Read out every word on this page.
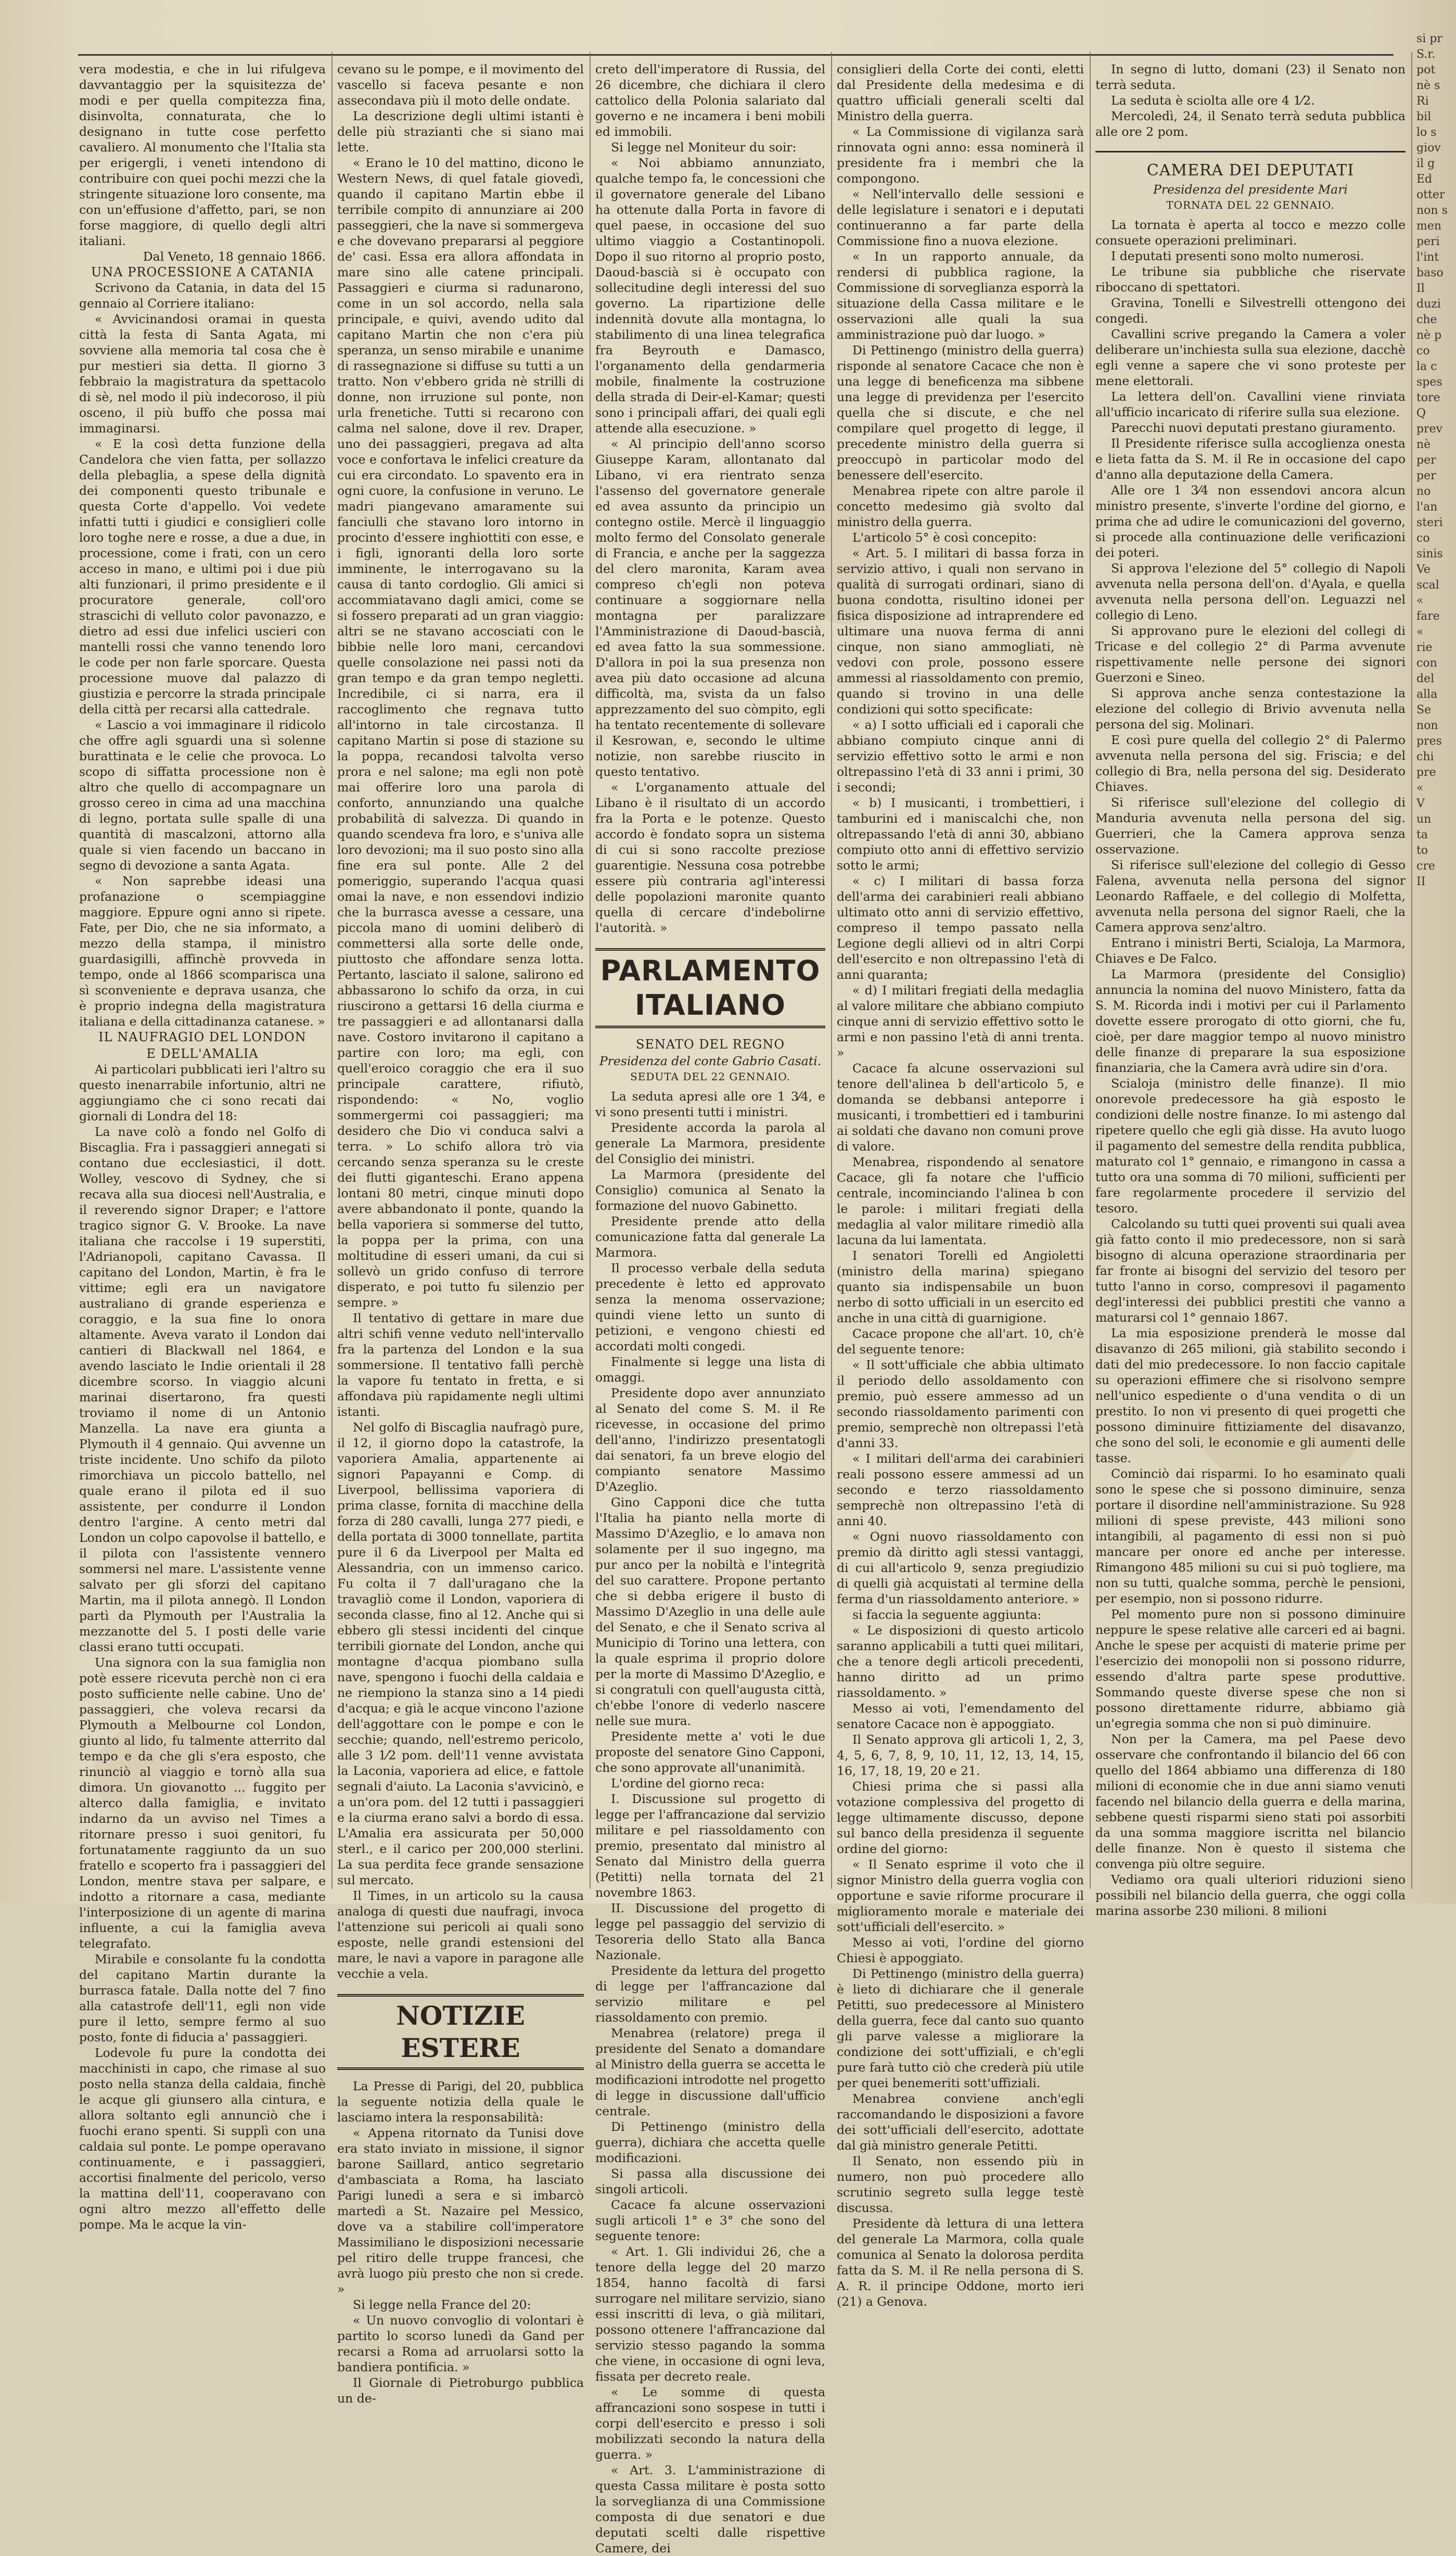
vera modestia, e che in lui rifulgeva davvantaggio per la squisitezza de' modi e per quella compitezza fina, disinvolta, connaturata, che lo designano in tutte cose perfetto cavaliero. Al monumento che l'Italia sta per erigergli, i veneti intendono di contribuire con quei pochi mezzi che la stringente situazione loro consente, ma con un'effusione d'affetto, pari, se non forse maggiore, di quello degli altri italiani.

Dal Veneto, 18 gennaio 1866.

UNA PROCESSIONE A CATANIA

Scrivono da Catania, in data del 15 gennaio al Corriere italiano:

« Avvicinandosi oramai in questa città la festa di Santa Agata, mi sovviene alla memoria tal cosa che è pur mestieri sia detta. Il giorno 3 febbraio la magistratura da spettacolo di sè, nel modo il più indecoroso, il più osceno, il più buffo che possa mai immaginarsi.

« E la così detta funzione della Candelora che vien fatta, per sollazzo della plebaglia, a spese della dignità dei componenti questo tribunale e questa Corte d'appello. Voi vedete infatti tutti i giudici e consiglieri colle loro toghe nere e rosse, a due a due, in processione, come i frati, con un cero acceso in mano, e ultimi poi i due più alti funzionari, il primo presidente e il procuratore generale, coll'oro strascichi di velluto color pavonazzo, e dietro ad essi due infelici uscieri con mantelli rossi che vanno tenendo loro le code per non farle sporcare. Questa processione muove dal palazzo di giustizia e percorre la strada principale della città per recarsi alla cattedrale.

« Lascio a voi immaginare il ridicolo che offre agli sguardi una sì solenne burattinata e le celie che provoca. Lo scopo di siffatta processione non è altro che quello di accompagnare un grosso cereo in cima ad una macchina di legno, portata sulle spalle di una quantità di mascalzoni, attorno alla quale si vien facendo un baccano in segno di devozione a santa Agata.

« Non saprebbe ideasi una profanazione o scempiaggine maggiore. Eppure ogni anno si ripete. Fate, per Dio, che ne sia informato, a mezzo della stampa, il ministro guardasigilli, affinchè provveda in tempo, onde al 1866 scomparisca una sì sconveniente e deprava usanza, che è proprio indegna della magistratura italiana e della cittadinanza catanese. »

IL NAUFRAGIO DEL LONDON

E DELL'AMALIA

Ai particolari pubblicati ieri l'altro su questo inenarrabile infortunio, altri ne aggiungiamo che ci sono recati dai giornali di Londra del 18:

La nave colò a fondo nel Golfo di Biscaglia. Fra i passaggieri annegati si contano due ecclesiastici, il dott. Wolley, vescovo di Sydney, che si recava alla sua diocesi nell'Australia, e il reverendo signor Draper; e l'attore tragico signor G. V. Brooke. La nave italiana che raccolse i 19 superstiti, l'Adrianopoli, capitano Cavassa. Il capitano del London, Martin, è fra le vittime; egli era un navigatore australiano di grande esperienza e coraggio, e la sua fine lo onora altamente. Aveva varato il London dai cantieri di Blackwall nel 1864, e avendo lasciato le Indie orientali il 28 dicembre scorso. In viaggio alcuni marinai disertarono, fra questi troviamo il nome di un Antonio Manzella. La nave era giunta a Plymouth il 4 gennaio. Qui avvenne un triste incidente. Uno schifo da piloto rimorchiava un piccolo battello, nel quale erano il pilota ed il suo assistente, per condurre il London dentro l'argine. A cento metri dal London un colpo capovolse il battello, e il pilota con l'assistente vennero sommersi nel mare. L'assistente venne salvato per gli sforzi del capitano Martin, ma il pilota annegò. Il London partì da Plymouth per l'Australia la mezzanotte del 5. I posti delle varie classi erano tutti occupati.

Una signora con la sua famiglia non potè essere ricevuta perchè non ci era posto sufficiente nelle cabine. Uno de' passaggieri, che voleva recarsi da Plymouth a Melbourne col London, giunto al lido, fu talmente atterrito dal tempo e da che gli s'era esposto, che rinunciò al viaggio e tornò alla sua dimora. Un giovanotto ... fuggito per alterco dalla famiglia, e invitato indarno da un avviso nel Times a ritornare presso i suoi genitori, fu fortunatamente raggiunto da un suo fratello e scoperto fra i passaggieri del London, mentre stava per salpare, e indotto a ritornare a casa, mediante l'interposizione di un agente di marina influente, a cui la famiglia aveva telegrafato.

Mirabile e consolante fu la condotta del capitano Martin durante la burrasca fatale. Dalla notte del 7 fino alla catastrofe dell'11, egli non vide pure il letto, sempre fermo al suo posto, fonte di fiducia a' passaggieri.

Lodevole fu pure la condotta dei macchinisti in capo, che rimase al suo posto nella stanza della caldaia, finchè le acque gli giunsero alla cintura, e allora soltanto egli annunciò che i fuochi erano spenti. Si supplì con una caldaia sul ponte. Le pompe operavano continuamente, e i passaggieri, accortisi finalmente del pericolo, verso la mattina dell'11, cooperavano con ogni altro mezzo all'effetto delle pompe. Ma le acque la vin-

cevano su le pompe, e il movimento del vascello si faceva pesante e non assecondava più il moto delle ondate.

La descrizione degli ultimi istanti è delle più strazianti che si siano mai lette.

« Erano le 10 del mattino, dicono le Western News, di quel fatale giovedì, quando il capitano Martin ebbe il terribile compito di annunziare ai 200 passeggieri, che la nave si sommergeva e che dovevano prepararsi al peggiore de' casi. Essa era allora affondata in mare sino alle catene principali. Passaggieri e ciurma si radunarono, come in un sol accordo, nella sala principale, e quivi, avendo udito dal capitano Martin che non c'era più speranza, un senso mirabile e unanime di rassegnazione si diffuse su tutti a un tratto. Non v'ebbero grida nè strilli di donne, non irruzione sul ponte, non urla frenetiche. Tutti si recarono con calma nel salone, dove il rev. Draper, uno dei passaggieri, pregava ad alta voce e confortava le infelici creature da cui era circondato. Lo spavento era in ogni cuore, la confusione in veruno. Le madri piangevano amaramente sui fanciulli che stavano loro intorno in procinto d'essere inghiottiti con esse, e i figli, ignoranti della loro sorte imminente, le interrogavano su la causa di tanto cordoglio. Gli amici si accommiatavano dagli amici, come se si fossero preparati ad un gran viaggio: altri se ne stavano accosciati con le bibbie nelle loro mani, cercandovi quelle consolazione nei passi noti da gran tempo e da gran tempo negletti. Incredibile, ci si narra, era il raccoglimento che regnava tutto all'intorno in tale circostanza. Il capitano Martin si pose di stazione su la poppa, recandosi talvolta verso prora e nel salone; ma egli non potè mai offerire loro una parola di conforto, annunziando una qualche probabilità di salvezza. Di quando in quando scendeva fra loro, e s'univa alle loro devozioni; ma il suo posto sino alla fine era sul ponte. Alle 2 del pomeriggio, superando l'acqua quasi omai la nave, e non essendovi indizio che la burrasca avesse a cessare, una piccola mano di uomini deliberò di commettersi alla sorte delle onde, piuttosto che affondare senza lotta. Pertanto, lasciato il salone, salirono ed abbassarono lo schifo da orza, in cui riuscirono a gettarsi 16 della ciurma e tre passaggieri e ad allontanarsi dalla nave. Costoro invitarono il capitano a partire con loro; ma egli, con quell'eroico coraggio che era il suo principale carattere, rifiutò, rispondendo: « No, voglio sommergermi coi passaggieri; ma desidero che Dio vi conduca salvi a terra. » Lo schifo allora trò via cercando senza speranza su le creste dei flutti giganteschi. Erano appena lontani 80 metri, cinque minuti dopo avere abbandonato il ponte, quando la bella vaporiera si sommerse del tutto, la poppa per la prima, con una moltitudine di esseri umani, da cui si sollevò un grido confuso di terrore disperato, e poi tutto fu silenzio per sempre. »

Il tentativo di gettare in mare due altri schifi venne veduto nell'intervallo fra la partenza del London e la sua sommersione. Il tentativo fallì perchè la vapore fu tentato in fretta, e si affondava più rapidamente negli ultimi istanti.

Nel golfo di Biscaglia naufragò pure, il 12, il giorno dopo la catastrofe, la vaporiera Amalia, appartenente ai signori Papayanni e Comp. di Liverpool, bellissima vaporiera di prima classe, fornita di macchine della forza di 280 cavalli, lunga 277 piedi, e della portata di 3000 tonnellate, partita pure il 6 da Liverpool per Malta ed Alessandria, con un immenso carico. Fu colta il 7 dall'uragano che la travagliò come il London, vaporiera di seconda classe, fino al 12. Anche qui si ebbero gli stessi incidenti del cinque terribili giornate del London, anche qui montagne d'acqua piombano sulla nave, spengono i fuochi della caldaia e ne riempiono la stanza sino a 14 piedi d'acqua; e già le acque vincono l'azione dell'aggottare con le pompe e con le secchie; quando, nell'estremo pericolo, alle 3 1⁄2 pom. dell'11 venne avvistata la Laconia, vaporiera ad elice, e fattole segnali d'aiuto. La Laconia s'avvicinò, e a un'ora pom. del 12 tutti i passaggieri e la ciurma erano salvi a bordo di essa. L'Amalia era assicurata per 50,000 sterl., e il carico per 200,000 sterlini. La sua perdita fece grande sensazione sul mercato.

Il Times, in un articolo su la causa analoga di questi due naufragi, invoca l'attenzione sui pericoli ai quali sono esposte, nelle grandi estensioni del mare, le navi a vapore in paragone alle vecchie a vela.

NOTIZIE ESTERE

La Presse di Parigi, del 20, pubblica la seguente notizia della quale le lasciamo intera la responsabilità:

« Appena ritornato da Tunisi dove era stato inviato in missione, il signor barone Saillard, antico segretario d'ambasciata a Roma, ha lasciato Parigi lunedì a sera e si imbarcò martedì a St. Nazaire pel Messico, dove va a stabilire coll'imperatore Massimiliano le disposizioni necessarie pel ritiro delle truppe francesi, che avrà luogo più presto che non si crede. »

Si legge nella France del 20:

« Un nuovo convoglio di volontari è partito lo scorso lunedì da Gand per recarsi a Roma ad arruolarsi sotto la bandiera pontificia. »

Il Giornale di Pietroburgo pubblica un de-

creto dell'imperatore di Russia, del 26 dicembre, che dichiara il clero cattolico della Polonia salariato dal governo e ne incamera i beni mobili ed immobili.

Si legge nel Moniteur du soir:

« Noi abbiamo annunziato, qualche tempo fa, le concessioni che il governatore generale del Libano ha ottenute dalla Porta in favore di quel paese, in occasione del suo ultimo viaggio a Costantinopoli. Dopo il suo ritorno al proprio posto, Daoud-bascià si è occupato con sollecitudine degli interessi del suo governo. La ripartizione delle indennità dovute alla montagna, lo stabilimento di una linea telegrafica fra Beyrouth e Damasco, l'organamento della gendarmeria mobile, finalmente la costruzione della strada di Deir-el-Kamar; questi sono i principali affari, dei quali egli attende alla esecuzione. »

« Al principio dell'anno scorso Giuseppe Karam, allontanato dal Libano, vi era rientrato senza l'assenso del governatore generale ed avea assunto da principio un contegno ostile. Mercè il linguaggio molto fermo del Consolato generale di Francia, e anche per la saggezza del clero maronita, Karam avea compreso ch'egli non poteva continuare a soggiornare nella montagna per paralizzare l'Amministrazione di Daoud-bascià, ed avea fatto la sua sommessione. D'allora in poi la sua presenza non avea più dato occasione ad alcuna difficoltà, ma, svista da un falso apprezzamento del suo còmpito, egli ha tentato recentemente di sollevare il Kesrowan, e, secondo le ultime notizie, non sarebbe riuscito in questo tentativo.

« L'organamento attuale del Libano è il risultato di un accordo fra la Porta e le potenze. Questo accordo è fondato sopra un sistema di cui si sono raccolte preziose guarentigie. Nessuna cosa potrebbe essere più contraria agl'interessi delle popolazioni maronite quanto quella di cercare d'indebolirne l'autorità. »

PARLAMENTO ITALIANO

SENATO DEL REGNO

Presidenza del conte Gabrio Casati.

SEDUTA DEL 22 GENNAIO.

La seduta apresi alle ore 1 3⁄4, e vi sono presenti tutti i ministri.

Presidente accorda la parola al generale La Marmora, presidente del Consiglio dei ministri.

La Marmora (presidente del Consiglio) comunica al Senato la formazione del nuovo Gabinetto.

Presidente prende atto della comunicazione fatta dal generale La Marmora.

Il processo verbale della seduta precedente è letto ed approvato senza la menoma osservazione; quindi viene letto un sunto di petizioni, e vengono chiesti ed accordati molti congedi.

Finalmente si legge una lista di omaggi.

Presidente dopo aver annunziato al Senato del come S. M. il Re ricevesse, in occasione del primo dell'anno, l'indirizzo presentatogli dai senatori, fa un breve elogio del compianto senatore Massimo D'Azeglio.

Gino Capponi dice che tutta l'Italia ha pianto nella morte di Massimo D'Azeglio, e lo amava non solamente per il suo ingegno, ma pur anco per la nobiltà e l'integrità del suo carattere. Propone pertanto che si debba erigere il busto di Massimo D'Azeglio in una delle aule del Senato, e che il Senato scriva al Municipio di Torino una lettera, con la quale esprima il proprio dolore per la morte di Massimo D'Azeglio, e si congratuli con quell'augusta città, ch'ebbe l'onore di vederlo nascere nelle sue mura.

Presidente mette a' voti le due proposte del senatore Gino Capponi, che sono approvate all'unanimità.

L'ordine del giorno reca:

I. Discussione sul progetto di legge per l'affrancazione dal servizio militare e pel riassoldamento con premio, presentato dal ministro al Senato dal Ministro della guerra (Petitti) nella tornata del 21 novembre 1863.

II. Discussione del progetto di legge pel passaggio del servizio di Tesoreria dello Stato alla Banca Nazionale.

Presidente da lettura del progetto di legge per l'affrancazione dal servizio militare e pel riassoldamento con premio.

Menabrea (relatore) prega il presidente del Senato a domandare al Ministro della guerra se accetta le modificazioni introdotte nel progetto di legge in discussione dall'ufficio centrale.

Di Pettinengo (ministro della guerra), dichiara che accetta quelle modificazioni.

Si passa alla discussione dei singoli articoli.

Cacace fa alcune osservazioni sugli articoli 1° e 3° che sono del seguente tenore:

« Art. 1. Gli individui 26, che a tenore della legge del 20 marzo 1854, hanno facoltà di farsi surrogare nel militare servizio, siano essi inscritti di leva, o già militari, possono ottenere l'affrancazione dal servizio stesso pagando la somma che viene, in occasione di ogni leva, fissata per decreto reale.

« Le somme di questa affrancazioni sono sospese in tutti i corpi dell'esercito e presso i soli mobilizzati secondo la natura della guerra. »

« Art. 3. L'amministrazione di questa Cassa militare è posta sotto la sorveglianza di una Commissione composta di due senatori e due deputati scelti dalle rispettive Camere, dei

consiglieri della Corte dei conti, eletti dal Presidente della medesima e di quattro ufficiali generali scelti dal Ministro della guerra.

« La Commissione di vigilanza sarà rinnovata ogni anno: essa nominerà il presidente fra i membri che la compongono.

« Nell'intervallo delle sessioni e delle legislature i senatori e i deputati continueranno a far parte della Commissione fino a nuova elezione.

« In un rapporto annuale, da rendersi di pubblica ragione, la Commissione di sorveglianza esporrà la situazione della Cassa militare e le osservazioni alle quali la sua amministrazione può dar luogo. »

Di Pettinengo (ministro della guerra) risponde al senatore Cacace che non è una legge di beneficenza ma sibbene una legge di previdenza per l'esercito quella che si discute, e che nel compilare quel progetto di legge, il precedente ministro della guerra si preoccupò in particolar modo del benessere dell'esercito.

Menabrea ripete con altre parole il concetto medesimo già svolto dal ministro della guerra.

L'articolo 5° è così concepito:

« Art. 5. I militari di bassa forza in servizio attivo, i quali non servano in qualità di surrogati ordinari, siano di buona condotta, risultino idonei per fisica disposizione ad intraprendere ed ultimare una nuova ferma di anni cinque, non siano ammogliati, nè vedovi con prole, possono essere ammessi al riassoldamento con premio, quando si trovino in una delle condizioni qui sotto specificate:

« a) I sotto ufficiali ed i caporali che abbiano compiuto cinque anni di servizio effettivo sotto le armi e non oltrepassino l'età di 33 anni i primi, 30 i secondi;

« b) I musicanti, i trombettieri, i tamburini ed i maniscalchi che, non oltrepassando l'età di anni 30, abbiano compiuto otto anni di effettivo servizio sotto le armi;

« c) I militari di bassa forza dell'arma dei carabinieri reali abbiano ultimato otto anni di servizio effettivo, compreso il tempo passato nella Legione degli allievi od in altri Corpi dell'esercito e non oltrepassino l'età di anni quaranta;

« d) I militari fregiati della medaglia al valore militare che abbiano compiuto cinque anni di servizio effettivo sotto le armi e non passino l'età di anni trenta. »

Cacace fa alcune osservazioni sul tenore dell'alinea b dell'articolo 5, e domanda se debbansi anteporre i musicanti, i trombettieri ed i tamburini ai soldati che davano non comuni prove di valore.

Menabrea, rispondendo al senatore Cacace, gli fa notare che l'ufficio centrale, incominciando l'alinea b con le parole: i militari fregiati della medaglia al valor militare rimediò alla lacuna da lui lamentata.

I senatori Torelli ed Angioletti (ministro della marina) spiegano quanto sia indispensabile un buon nerbo di sotto ufficiali in un esercito ed anche in una città di guarnigione.

Cacace propone che all'art. 10, ch'è del seguente tenore:

« Il sott'ufficiale che abbia ultimato il periodo dello assoldamento con premio, può essere ammesso ad un secondo riassoldamento parimenti con premio, semprechè non oltrepassi l'età d'anni 33.

« I militari dell'arma dei carabinieri reali possono essere ammessi ad un secondo e terzo riassoldamento semprechè non oltrepassino l'età di anni 40.

« Ogni nuovo riassoldamento con premio dà diritto agli stessi vantaggi, di cui all'articolo 9, senza pregiudizio di quelli già acquistati al termine della ferma d'un riassoldamento anteriore. »

si faccia la seguente aggiunta:

« Le disposizioni di questo articolo saranno applicabili a tutti quei militari, che a tenore degli articoli precedenti, hanno diritto ad un primo riassoldamento. »

Messo ai voti, l'emendamento del senatore Cacace non è appoggiato.

Il Senato approva gli articoli 1, 2, 3, 4, 5, 6, 7, 8, 9, 10, 11, 12, 13, 14, 15, 16, 17, 18, 19, 20 e 21.

Chiesi prima che si passi alla votazione complessiva del progetto di legge ultimamente discusso, depone sul banco della presidenza il seguente ordine del giorno:

« Il Senato esprime il voto che il signor Ministro della guerra voglia con opportune e savie riforme procurare il miglioramento morale e materiale dei sott'ufficiali dell'esercito. »

Messo ai voti, l'ordine del giorno Chiesi è appoggiato.

Di Pettinengo (ministro della guerra) è lieto di dichiarare che il generale Petitti, suo predecessore al Ministero della guerra, fece dal canto suo quanto gli parve valesse a migliorare la condizione dei sott'uffiziali, e ch'egli pure farà tutto ciò che crederà più utile per quei benemeriti sott'uffiziali.

Menabrea conviene anch'egli raccomandando le disposizioni a favore dei sott'ufficiali dell'esercito, adottate dal già ministro generale Petitti.

Il Senato, non essendo più in numero, non può procedere allo scrutinio segreto sulla legge testè discussa.

Presidente dà lettura di una lettera del generale La Marmora, colla quale comunica al Senato la dolorosa perdita fatta da S. M. il Re nella persona di S. A. R. il principe Oddone, morto ieri (21) a Genova.

In segno di lutto, domani (23) il Senato non terrà seduta.

La seduta è sciolta alle ore 4 1⁄2.

Mercoledì, 24, il Senato terrà seduta pubblica alle ore 2 pom.

CAMERA DEI DEPUTATI

Presidenza del presidente Mari

TORNATA DEL 22 GENNAIO.

La tornata è aperta al tocco e mezzo colle consuete operazioni preliminari.

I deputati presenti sono molto numerosi.

Le tribune sia pubbliche che riservate riboccano di spettatori.

Gravina, Tonelli e Silvestrelli ottengono dei congedi.

Cavallini scrive pregando la Camera a voler deliberare un'inchiesta sulla sua elezione, dacchè egli venne a sapere che vi sono proteste per mene elettorali.

La lettera dell'on. Cavallini viene rinviata all'ufficio incaricato di riferire sulla sua elezione.

Parecchi nuovi deputati prestano giuramento.

Il Presidente riferisce sulla accoglienza onesta e lieta fatta da S. M. il Re in occasione del capo d'anno alla deputazione della Camera.

Alle ore 1 3⁄4 non essendovi ancora alcun ministro presente, s'inverte l'ordine del giorno, e prima che ad udire le comunicazioni del governo, si procede alla continuazione delle verificazioni dei poteri.

Si approva l'elezione del 5° collegio di Napoli avvenuta nella persona dell'on. d'Ayala, e quella avvenuta nella persona dell'on. Leguazzi nel collegio di Leno.

Si approvano pure le elezioni del collegi di Tricase e del collegio 2° di Parma avvenute rispettivamente nelle persone dei signori Guerzoni e Sineo.

Si approva anche senza contestazione la elezione del collegio di Brivio avvenuta nella persona del sig. Molinari.

E così pure quella del collegio 2° di Palermo avvenuta nella persona del sig. Friscia; e del collegio di Bra, nella persona del sig. Desiderato Chiaves.

Si riferisce sull'elezione del collegio di Manduria avvenuta nella persona del sig. Guerrieri, che la Camera approva senza osservazione.

Si riferisce sull'elezione del collegio di Gesso Falena, avvenuta nella persona del signor Leonardo Raffaele, e del collegio di Molfetta, avvenuta nella persona del signor Raeli, che la Camera approva senz'altro.

Entrano i ministri Berti, Scialoja, La Marmora, Chiaves e De Falco.

La Marmora (presidente del Consiglio) annuncia la nomina del nuovo Ministero, fatta da S. M. Ricorda indi i motivi per cui il Parlamento dovette essere prorogato di otto giorni, che fu, cioè, per dare maggior tempo al nuovo ministro delle finanze di preparare la sua esposizione finanziaria, che la Camera avrà udire sin d'ora.

Scialoja (ministro delle finanze). Il mio onorevole predecessore ha già esposto le condizioni delle nostre finanze. Io mi astengo dal ripetere quello che egli già disse. Ha avuto luogo il pagamento del semestre della rendita pubblica, maturato col 1° gennaio, e rimangono in cassa a tutto ora una somma di 70 milioni, sufficienti per fare regolarmente procedere il servizio del tesoro.

Calcolando su tutti quei proventi sui quali avea già fatto conto il mio predecessore, non si sarà bisogno di alcuna operazione straordinaria per far fronte ai bisogni del servizio del tesoro per tutto l'anno in corso, compresovi il pagamento degl'interessi dei pubblici prestiti che vanno a maturarsi col 1° gennaio 1867.

La mia esposizione prenderà le mosse dal disavanzo di 265 milioni, già stabilito secondo i dati del mio predecessore. Io non faccio capitale su operazioni effimere che si risolvono sempre nell'unico espediente o d'una vendita o di un prestito. Io non vi presento di quei progetti che possono diminuire fittiziamente del disavanzo, che sono del soli, le economie e gli aumenti delle tasse.

Cominciò dai risparmi. Io ho esaminato quali sono le spese che si possono diminuire, senza portare il disordine nell'amministrazione. Su 928 milioni di spese previste, 443 milioni sono intangibili, al pagamento di essi non si può mancare per onore ed anche per interesse. Rimangono 485 milioni su cui si può togliere, ma non su tutti, qualche somma, perchè le pensioni, per esempio, non si possono ridurre.

Pel momento pure non si possono diminuire neppure le spese relative alle carceri ed ai bagni. Anche le spese per acquisti di materie prime per l'esercizio dei monopolii non si possono ridurre, essendo d'altra parte spese produttive. Sommando queste diverse spese che non si possono direttamente ridurre, abbiamo già un'egregia somma che non si può diminuire.

Non per la Camera, ma pel Paese devo osservare che confrontando il bilancio del 66 con quello del 1864 abbiamo una differenza di 180 milioni di economie che in due anni siamo venuti facendo nel bilancio della guerra e della marina, sebbene questi risparmi sieno stati poi assorbiti da una somma maggiore iscritta nel bilancio delle finanze. Non è questo il sistema che convenga più oltre seguire.

Vediamo ora quali ulteriori riduzioni sieno possibili nel bilancio della guerra, che oggi colla marina assorbe 230 milioni. 8 milioni

si pr
S.r.
pot
nè s
Ri
bil
lo s
giov
il g
Ed
otter
non s
men
peri
l'int
baso
Il
duzi
che
nè p
co
la c
spes
tore
Q
prev
nè
per
per
no
l'an
steri
co
sinis
Ve
scal
«
fare
«
rie
con
del
alla
Se
non
pres
chi
pre
«
V
un
ta
to
cre
II
